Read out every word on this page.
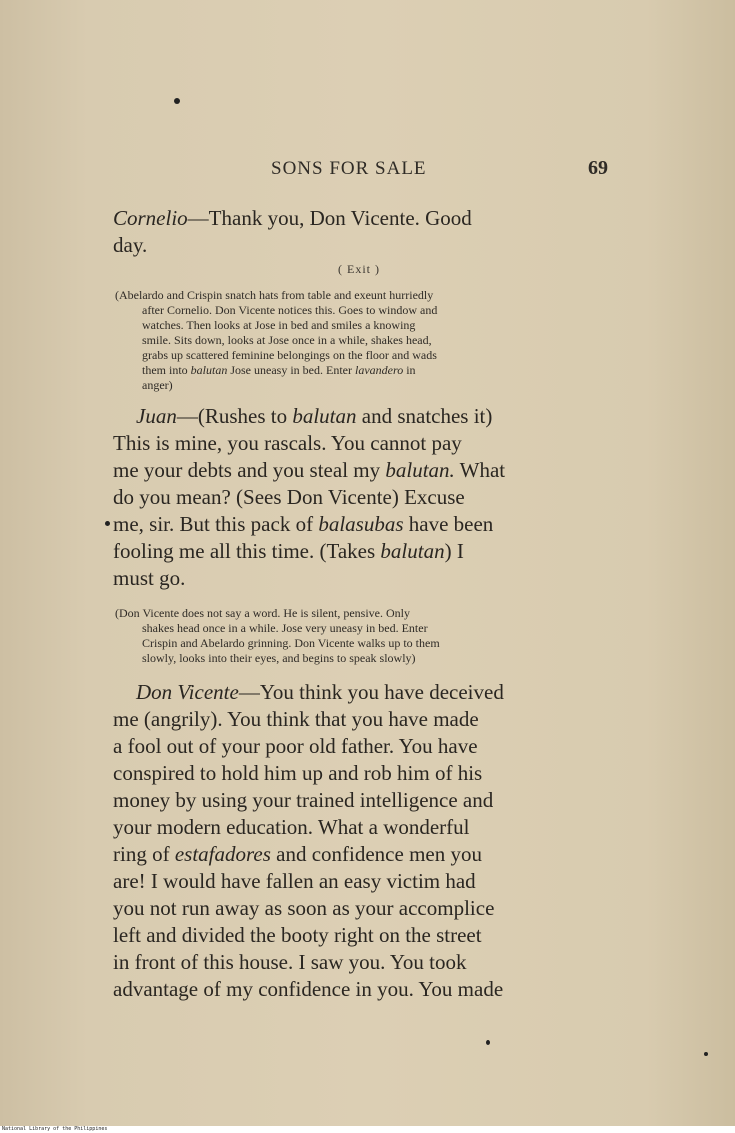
SONS FOR SALE	69
Cornelio—Thank you, Don Vicente. Good
day.
( Exit )
(Abelardo and Crispin snatch hats from table and exeunt hurriedly
after Cornelio. Don Vicente notices this. Goes to window and
watches. Then looks at Jose in bed and smiles a knowing
smile. Sits down, looks at Jose once in a while, shakes head,
grabs up scattered feminine belongings on the floor and wads
them into balutan Jose uneasy in bed. Enter lavandero in
anger)
Juan—(Rushes to balutan and snatches it)
This is mine, you rascals. You cannot pay
me your debts and you steal my balutan. What
do you mean? (Sees Don Vicente) Excuse
me, sir. But this pack of balasubas have been
fooling me all this time. (Takes balutan) I
must go.
(Don Vicente does not say a word. He is silent, pensive. Only
shakes head once in a while. Jose very uneasy in bed. Enter
Crispin and Abelardo grinning. Don Vicente walks up to them
slowly, looks into their eyes, and begins to speak slowly)
Don Vicente—You think you have deceived
me (angrily). You think that you have made
a fool out of your poor old father. You have
conspired to hold him up and rob him of his
money by using your trained intelligence and
your modern education. What a wonderful
ring of estafadores and confidence men you
are! I would have fallen an easy victim had
you not run away as soon as your accomplice
left and divided the booty right on the street
in front of this house. I saw you. You took
advantage of my confidence in you. You made
National Library of the Philippines
